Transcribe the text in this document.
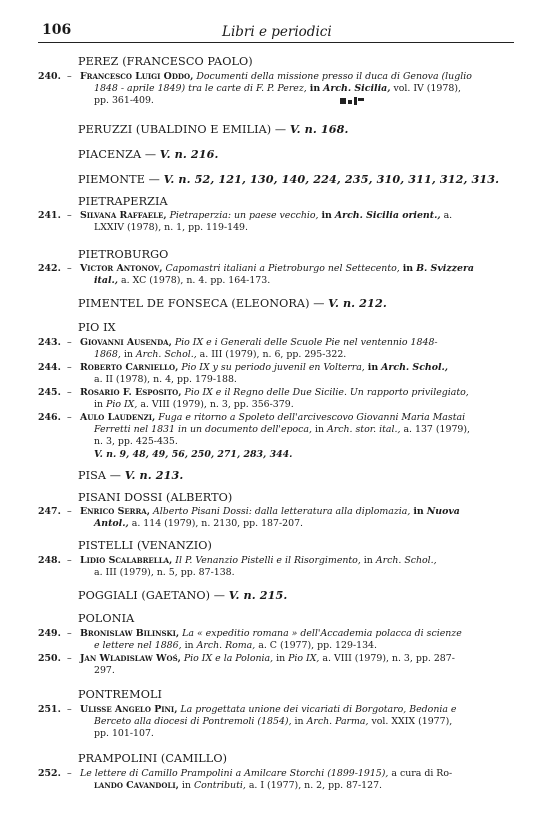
106	Libri e periodici
PEREZ (FRANCESCO PAOLO)
240. – Francesco Luigi Oddo, Documenti della missione presso il duca di Genova (luglio
1848 - aprile 1849) tra le carte di F. P. Perez, in Arch. Sicilia, vol. IV (1978),
pp. 361-409.
PERUZZI (UBALDINO E EMILIA) — V. n. 168.
PIACENZA — V. n. 216.
PIEMONTE — V. n. 52, 121, 130, 140, 224, 235, 310, 311, 312, 313.
PIETRAPERZIA
241. – Silvana Raffaele, Pietraperzia: un paese vecchio, in Arch. Sicilia orient., a.
LXXIV (1978), n. 1, pp. 119-149.
PIETROBURGO
242. – Victor Antonov, Capomastri italiani a Pietroburgo nel Settecento, in B. Svizzera
ital., a. XC (1978), n. 4. pp. 164-173.
PIMENTEL DE FONSECA (ELEONORA) — V. n. 212.
PIO IX
243. – Giovanni Ausenda, Pio IX e i Generali delle Scuole Pie nel ventennio 1848-
1868, in Arch. Schol., a. III (1979), n. 6, pp. 295-322.
244. – Roberto Carniello, Pio IX y su periodo juvenil en Volterra, in Arch. Schol.,
a. II (1978), n. 4, pp. 179-188.
245. – Rosario F. Esposito, Pio IX e il Regno delle Due Sicilie. Un rapporto privilegiato,
in Pio IX, a. VIII (1979), n. 3, pp. 356-379.
246. – Aulo Laudenzi, Fuga e ritorno a Spoleto dell'arcivescovo Giovanni Maria Mastai
Ferretti nel 1831 in un documento dell'epoca, in Arch. stor. ital., a. 137 (1979),
n. 3, pp. 425-435.
V. n. 9, 48, 49, 56, 250, 271, 283, 344.
PISA — V. n. 213.
PISANI DOSSI (ALBERTO)
247. – Enrico Serra, Alberto Pisani Dossi: dalla letteratura alla diplomazia, in Nuova
Antol., a. 114 (1979), n. 2130, pp. 187-207.
PISTELLI (VENANZIO)
248. – Lidio Scalabrella, Il P. Venanzio Pistelli e il Risorgimento, in Arch. Schol.,
a. III (1979), n. 5, pp. 87-138.
POGGIALI (GAETANO) — V. n. 215.
POLONIA
249. – Bronislaw Bilinski, La « expeditio romana » dell'Accademia polacca di scienze
e lettere nel 1886, in Arch. Roma, a. C (1977), pp. 129-134.
250. – Jan Wladislaw Woś, Pio IX e la Polonia, in Pio IX, a. VIII (1979), n. 3, pp. 287-
297.
PONTREMOLI
251. – Ulisse Angelo Pini, La progettata unione dei vicariati di Borgotaro, Bedonia e
Berceto alla diocesi di Pontremoli (1854), in Arch. Parma, vol. XXIX (1977),
pp. 101-107.
PRAMPOLINI (CAMILLO)
252. – Le lettere di Camillo Prampolini a Amilcare Storchi (1899-1915), a cura di Ro-
lando Cavandoli, in Contributi, a. I (1977), n. 2, pp. 87-127.
